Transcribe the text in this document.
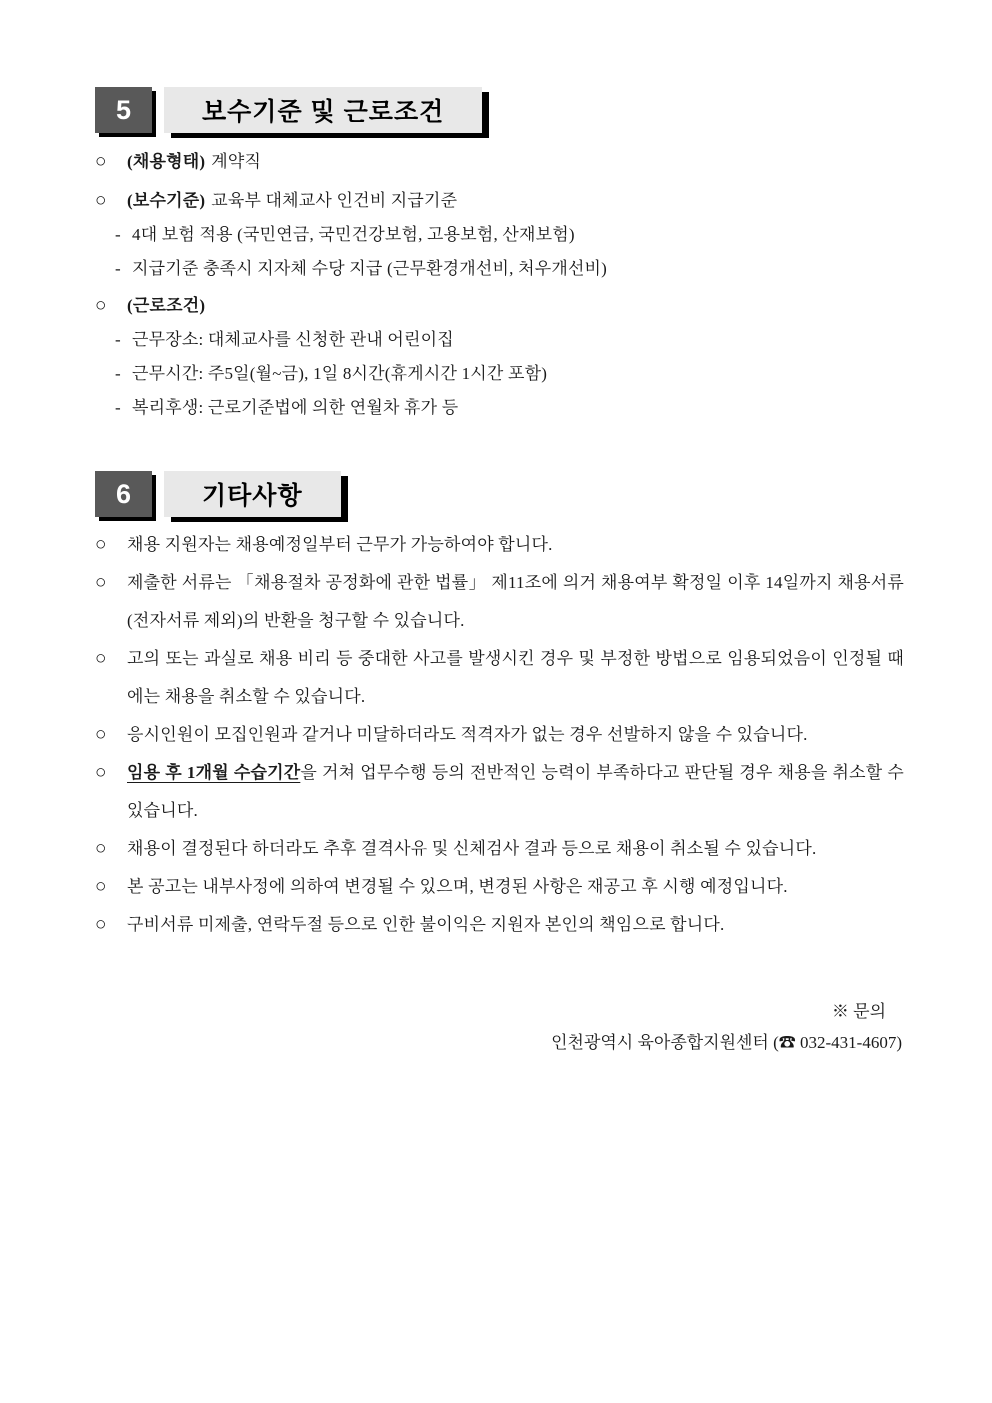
5	보수기준 및 근로조건
○	(채용형태) 계약직
○	(보수기준) 교육부 대체교사 인건비 지급기준
- 4대 보험 적용 (국민연금, 국민건강보험, 고용보험, 산재보험)
- 지급기준 충족시 지자체 수당 지급 (근무환경개선비, 처우개선비)
○	(근로조건)
- 근무장소: 대체교사를 신청한 관내 어린이집
- 근무시간: 주5일(월~금), 1일 8시간(휴게시간 1시간 포함)
- 복리후생: 근로기준법에 의한 연월차 휴가 등
6	기타사항
○	채용 지원자는 채용예정일부터 근무가 가능하여야 합니다.
○	제출한 서류는 「채용절차 공정화에 관한 법률」 제11조에 의거 채용여부 확정일 이후 14일까지 채용서류(전자서류 제외)의 반환을 청구할 수 있습니다.
○	고의 또는 과실로 채용 비리 등 중대한 사고를 발생시킨 경우 및 부정한 방법으로 임용되었음이 인정될 때에는 채용을 취소할 수 있습니다.
○	응시인원이 모집인원과 같거나 미달하더라도 적격자가 없는 경우 선발하지 않을 수 있습니다.
○	임용 후 1개월 수습기간을 거쳐 업무수행 등의 전반적인 능력이 부족하다고 판단될 경우 채용을 취소할 수 있습니다.
○	채용이 결정된다 하더라도 추후 결격사유 및 신체검사 결과 등으로 채용이 취소될 수 있습니다.
○	본 공고는 내부사정에 의하여 변경될 수 있으며, 변경된 사항은 재공고 후 시행 예정입니다.
○	구비서류 미제출, 연락두절 등으로 인한 불이익은 지원자 본인의 책임으로 합니다.
※ 문의
인천광역시 육아종합지원센터 (☎ 032-431-4607)
